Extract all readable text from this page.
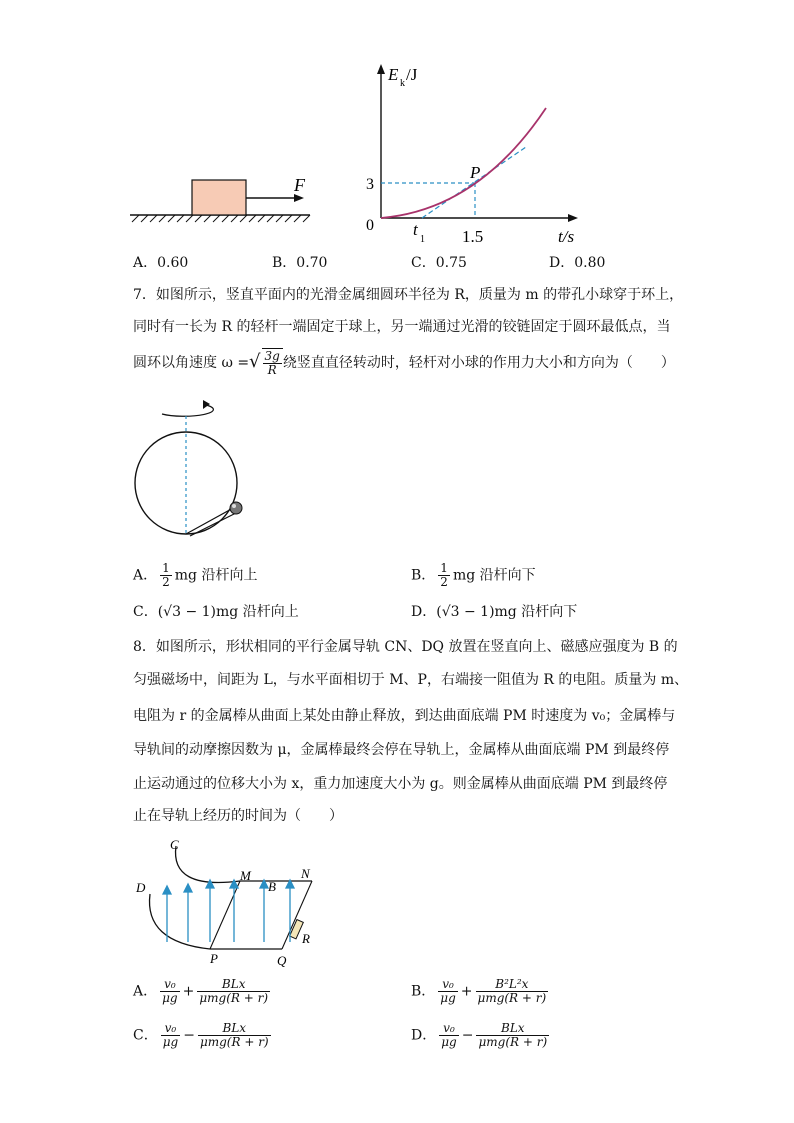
F
E k /J
0
3
P
t
1 1.5	t/s
A．0.60	B．0.70	C．0.75	D．0.80
7．如图所示，竖直平面内的光滑金属细圆环半径为 R，质量为 m 的带孔小球穿于环上，
同时有一长为 R 的轻杆一端固定于球上，另一端通过光滑的铰链固定于圆环最低点，当
圆环以角速度 ω =√ $\frac{3g}{R}$ 绕竖直直径转动时，轻杆对小球的作用力大小和方向为（　　）
A． $\frac{1}{2}$ mg 沿杆向上	B． $\frac{1}{2}$ mg 沿杆向下
C．(√3 − 1)mg 沿杆向上	D．(√3 − 1)mg 沿杆向下
8．如图所示，形状相同的平行金属导轨 CN、DQ 放置在竖直向上、磁感应强度为 B 的
匀强磁场中，间距为 L，与水平面相切于 M、P，右端接一阻值为 R 的电阻。质量为 m、
电阻为 r 的金属棒从曲面上某处由静止释放，到达曲面底端 PM 时速度为 v₀；金属棒与
导轨间的动摩擦因数为 μ，金属棒最终会停在导轨上，金属棒从曲面底端 PM 到最终停
止运动通过的位移大小为 x，重力加速度大小为 g。则金属棒从曲面底端 PM 到最终停
止在导轨上经历的时间为（　　）
C
D
M	N
B
P	Q
R
A． $\frac{\text{v₀}}{\mu g} + \frac{\text{BLx}}{\text{μmg(R + r)}}$	B． $\frac{\text{v₀}}{\mu g} + \frac{\text{B²L²x}}{\text{μmg(R + r)}}$
C． $\frac{\text{v₀}}{\mu g} - \frac{\text{BLx}}{\text{μmg(R + r)}}$	D． $\frac{\text{v₀}}{\mu g} - \frac{\text{BLx}}{\text{μmg(R + r)}}$
